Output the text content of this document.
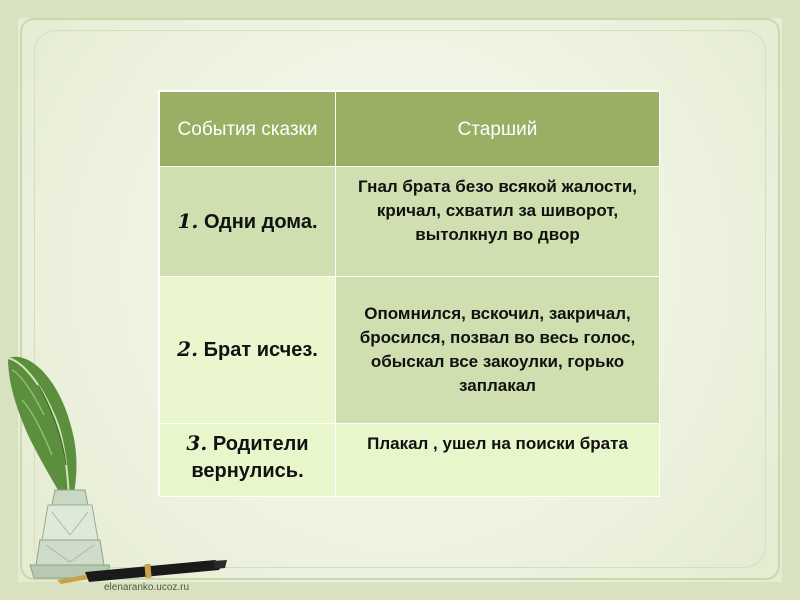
События сказки	Старший
1. Одни дома.	Гнал брата безо всякой жалости, кричал, схватил за шиворот, вытолкнул во двор
2. Брат исчез.	Опомнился, вскочил, закричал, бросился, позвал во весь голос, обыскал все закоулки, горько заплакал
3. Родители вернулись.	Плакал , ушел на поиски брата
elenaranko.ucoz.ru
